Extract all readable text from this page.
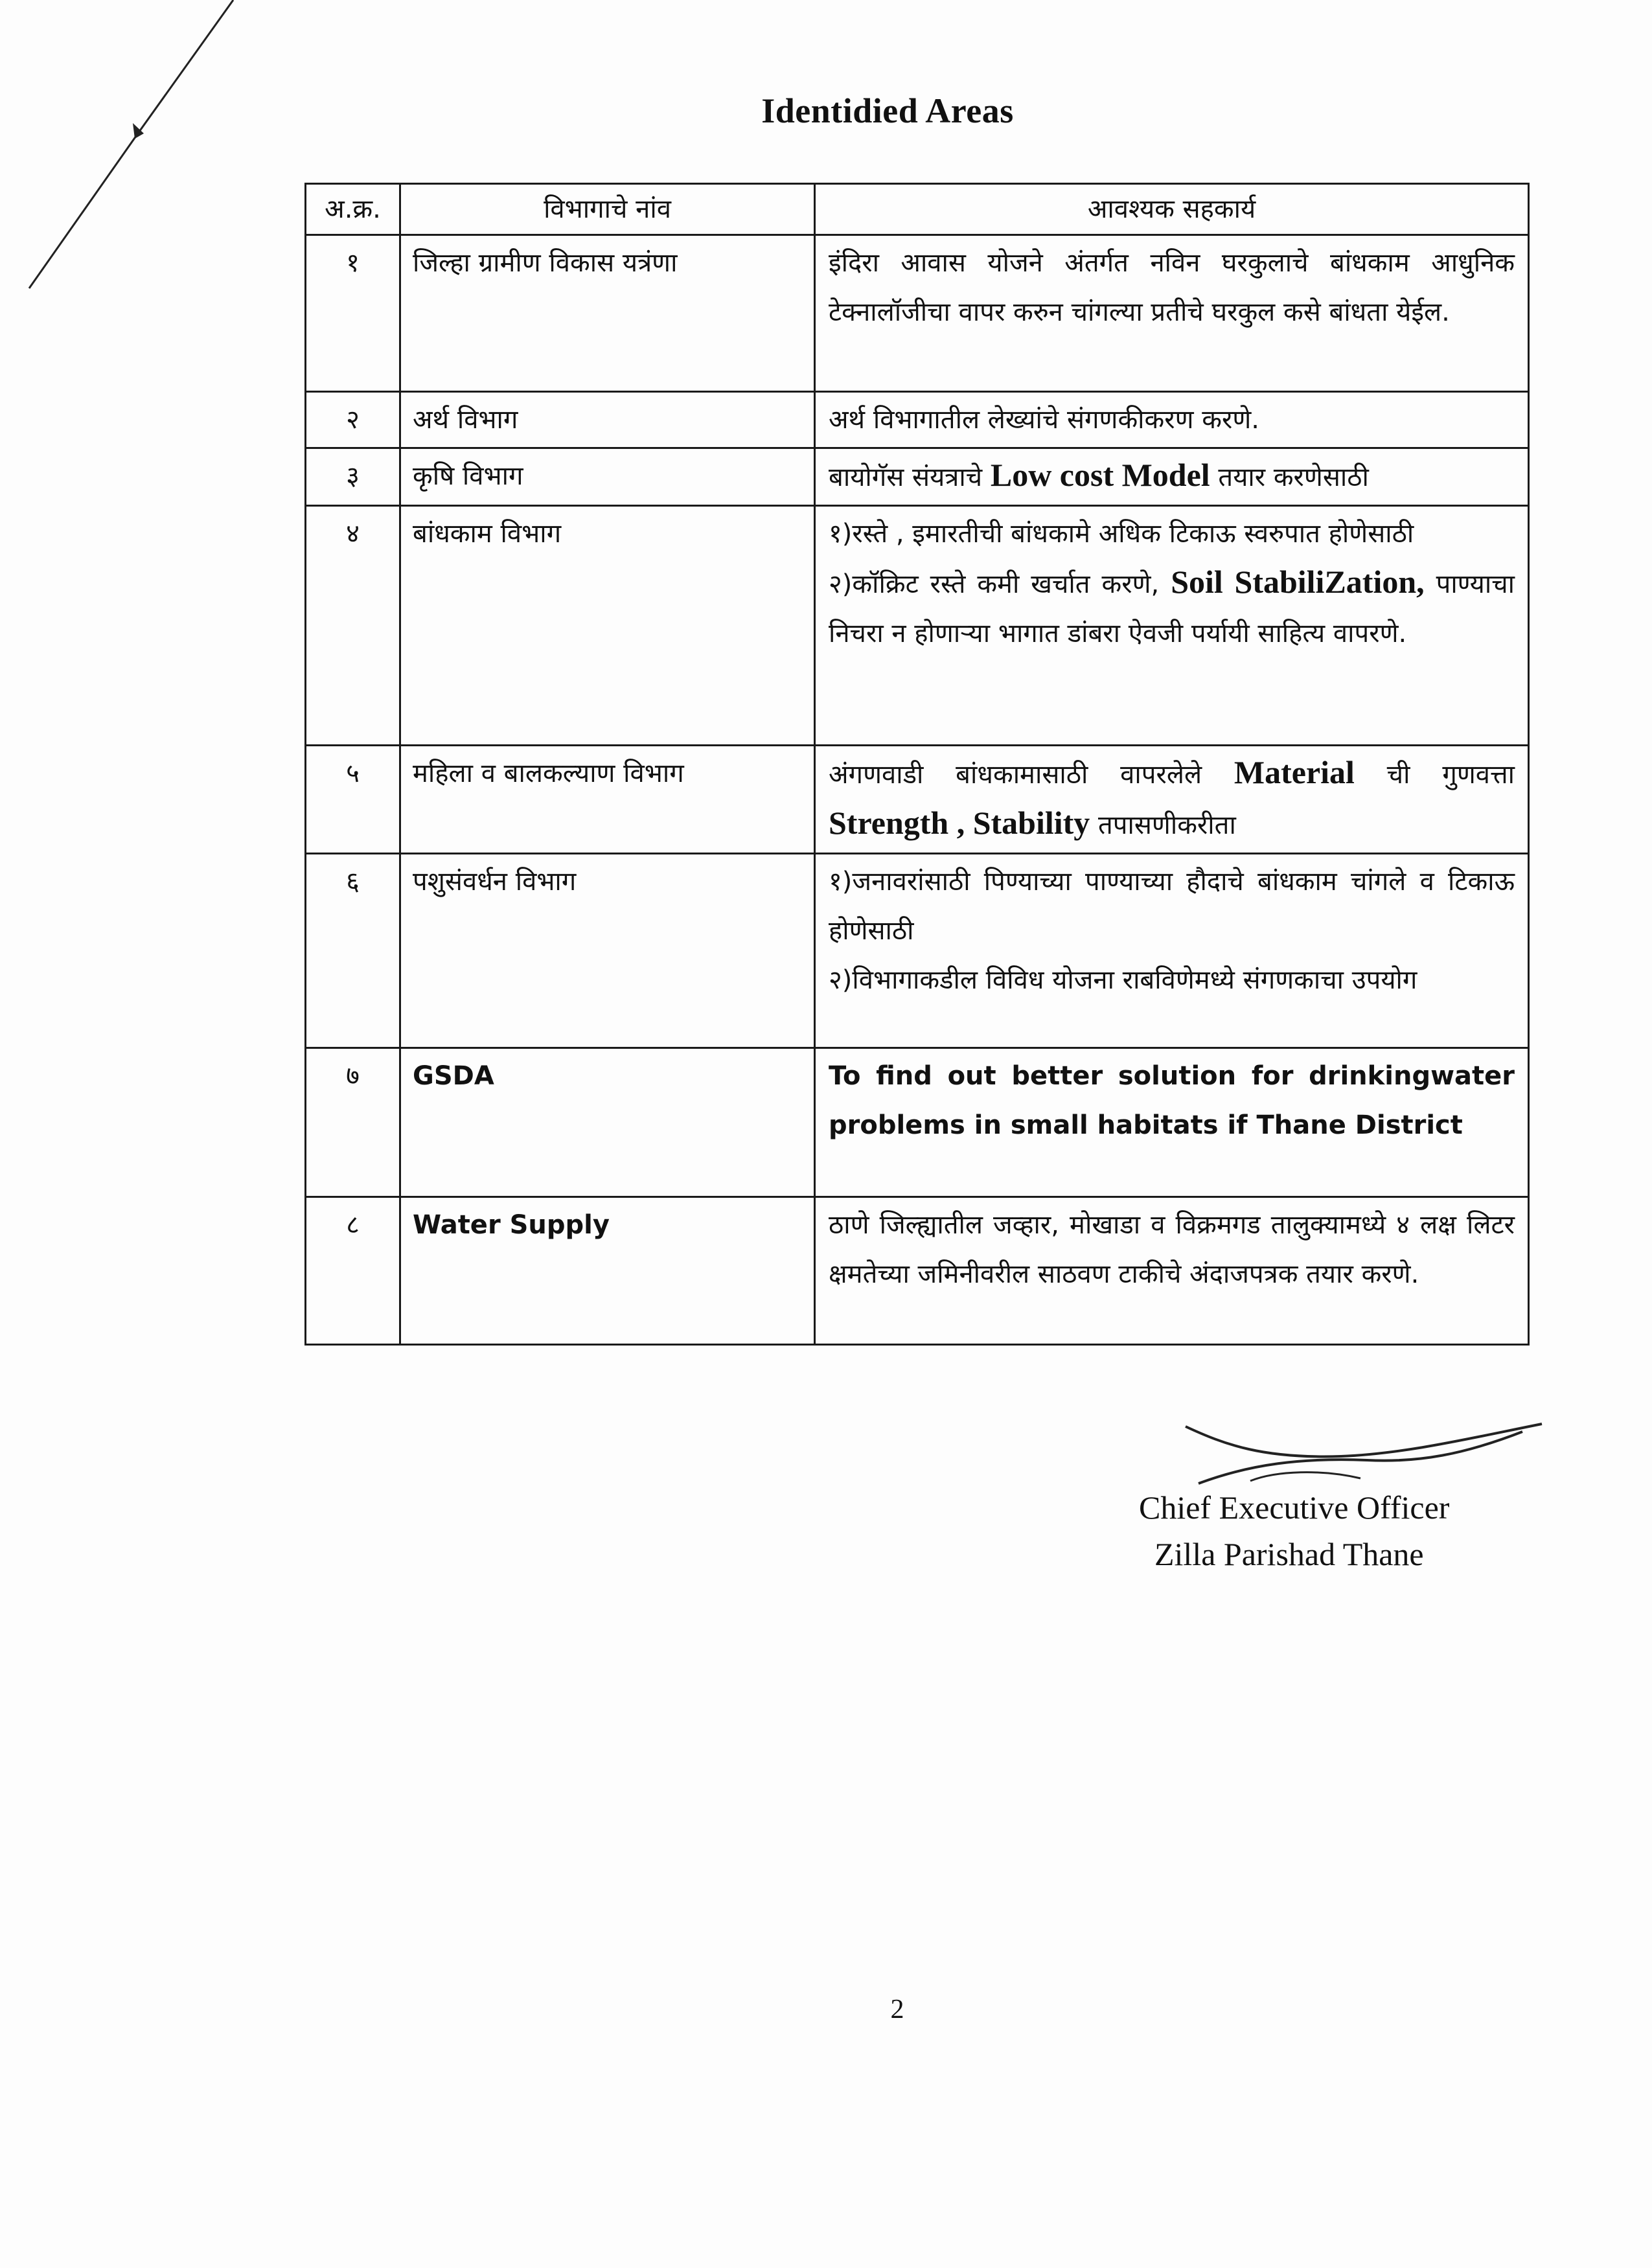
Identidied Areas
अ.क्र.	विभागाचे नांव	आवश्यक सहकार्य
१	जिल्हा ग्रामीण विकास यत्रंणा	इंदिरा आवास योजने अंतर्गत नविन घरकुलाचे बांधकाम आधुनिक टेक्नालॉजीचा वापर करुन चांगल्या प्रतीचे घरकुल कसे बांधता येईल.

२	अर्थ विभाग	अर्थ विभागातील लेख्यांचे संगणकीकरण करणे.

३	कृषि विभाग	बायोगॅस संयत्राचे Low cost Model तयार करणेसाठी

४	बांधकाम विभाग	१)रस्ते , इमारतीची बांधकामे अधिक टिकाऊ स्वरुपात होणेसाठी

२)कॉक्रिट रस्ते कमी खर्चात करणे, Soil StabiliZation, पाण्याचा निचरा न होणाऱ्या भागात डांबरा ऐवजी पर्यायी साहित्य वापरणे.

५	महिला व बालकल्याण विभाग	अंगणवाडी बांधकामासाठी वापरलेले Material ची गुणवत्ता Strength , Stability तपासणीकरीता

६	पशुसंवर्धन विभाग	१)जनावरांसाठी पिण्याच्या पाण्याच्या हौदाचे बांधकाम चांगले व टिकाऊ होणेसाठी

२)विभागाकडील विविध योजना राबविणेमध्ये संगणकाचा उपयोग

७	GSDA	To find out better solution for drinkingwater problems in small habitats if Thane District

८	Water Supply	ठाणे जिल्ह्यातील जव्हार, मोखाडा व विक्रमगड तालुक्यामध्ये ४ लक्ष लिटर क्षमतेच्या जमिनीवरील साठवण टाकीचे अंदाजपत्रक तयार करणे.

Chief Executive Officer
Zilla Parishad Thane
2
